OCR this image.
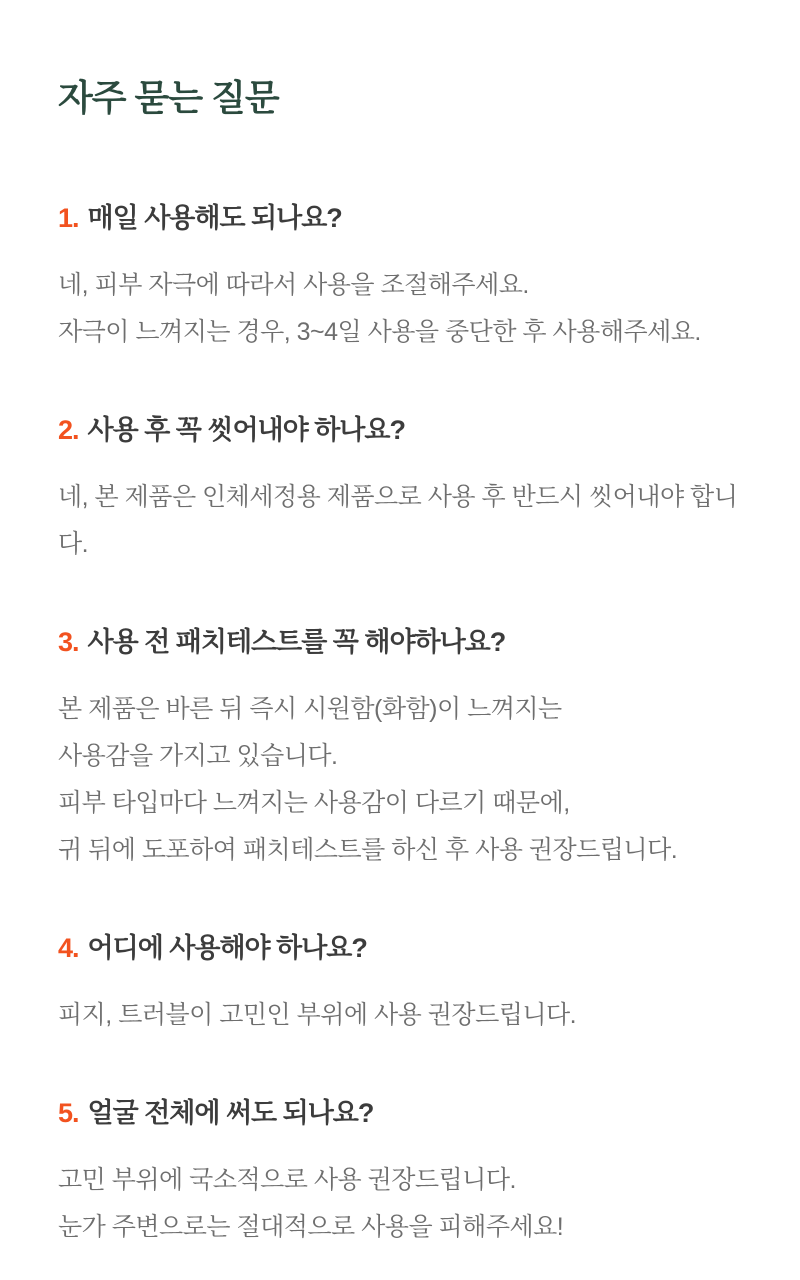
자주 묻는 질문
1. 매일 사용해도 되나요?

네, 피부 자극에 따라서 사용을 조절해주세요.

자극이 느껴지는 경우, 3~4일 사용을 중단한 후 사용해주세요.

2. 사용 후 꼭 씻어내야 하나요?

네, 본 제품은 인체세정용 제품으로 사용 후 반드시 씻어내야 합니다.

3. 사용 전 패치테스트를 꼭 해야하나요?

본 제품은 바른 뒤 즉시 시원함(화함)이 느껴지는

사용감을 가지고 있습니다.

피부 타입마다 느껴지는 사용감이 다르기 때문에,

귀 뒤에 도포하여 패치테스트를 하신 후 사용 권장드립니다.

4. 어디에 사용해야 하나요?

피지, 트러블이 고민인 부위에 사용 권장드립니다.

5. 얼굴 전체에 써도 되나요?

고민 부위에 국소적으로 사용 권장드립니다.

눈가 주변으로는 절대적으로 사용을 피해주세요!
